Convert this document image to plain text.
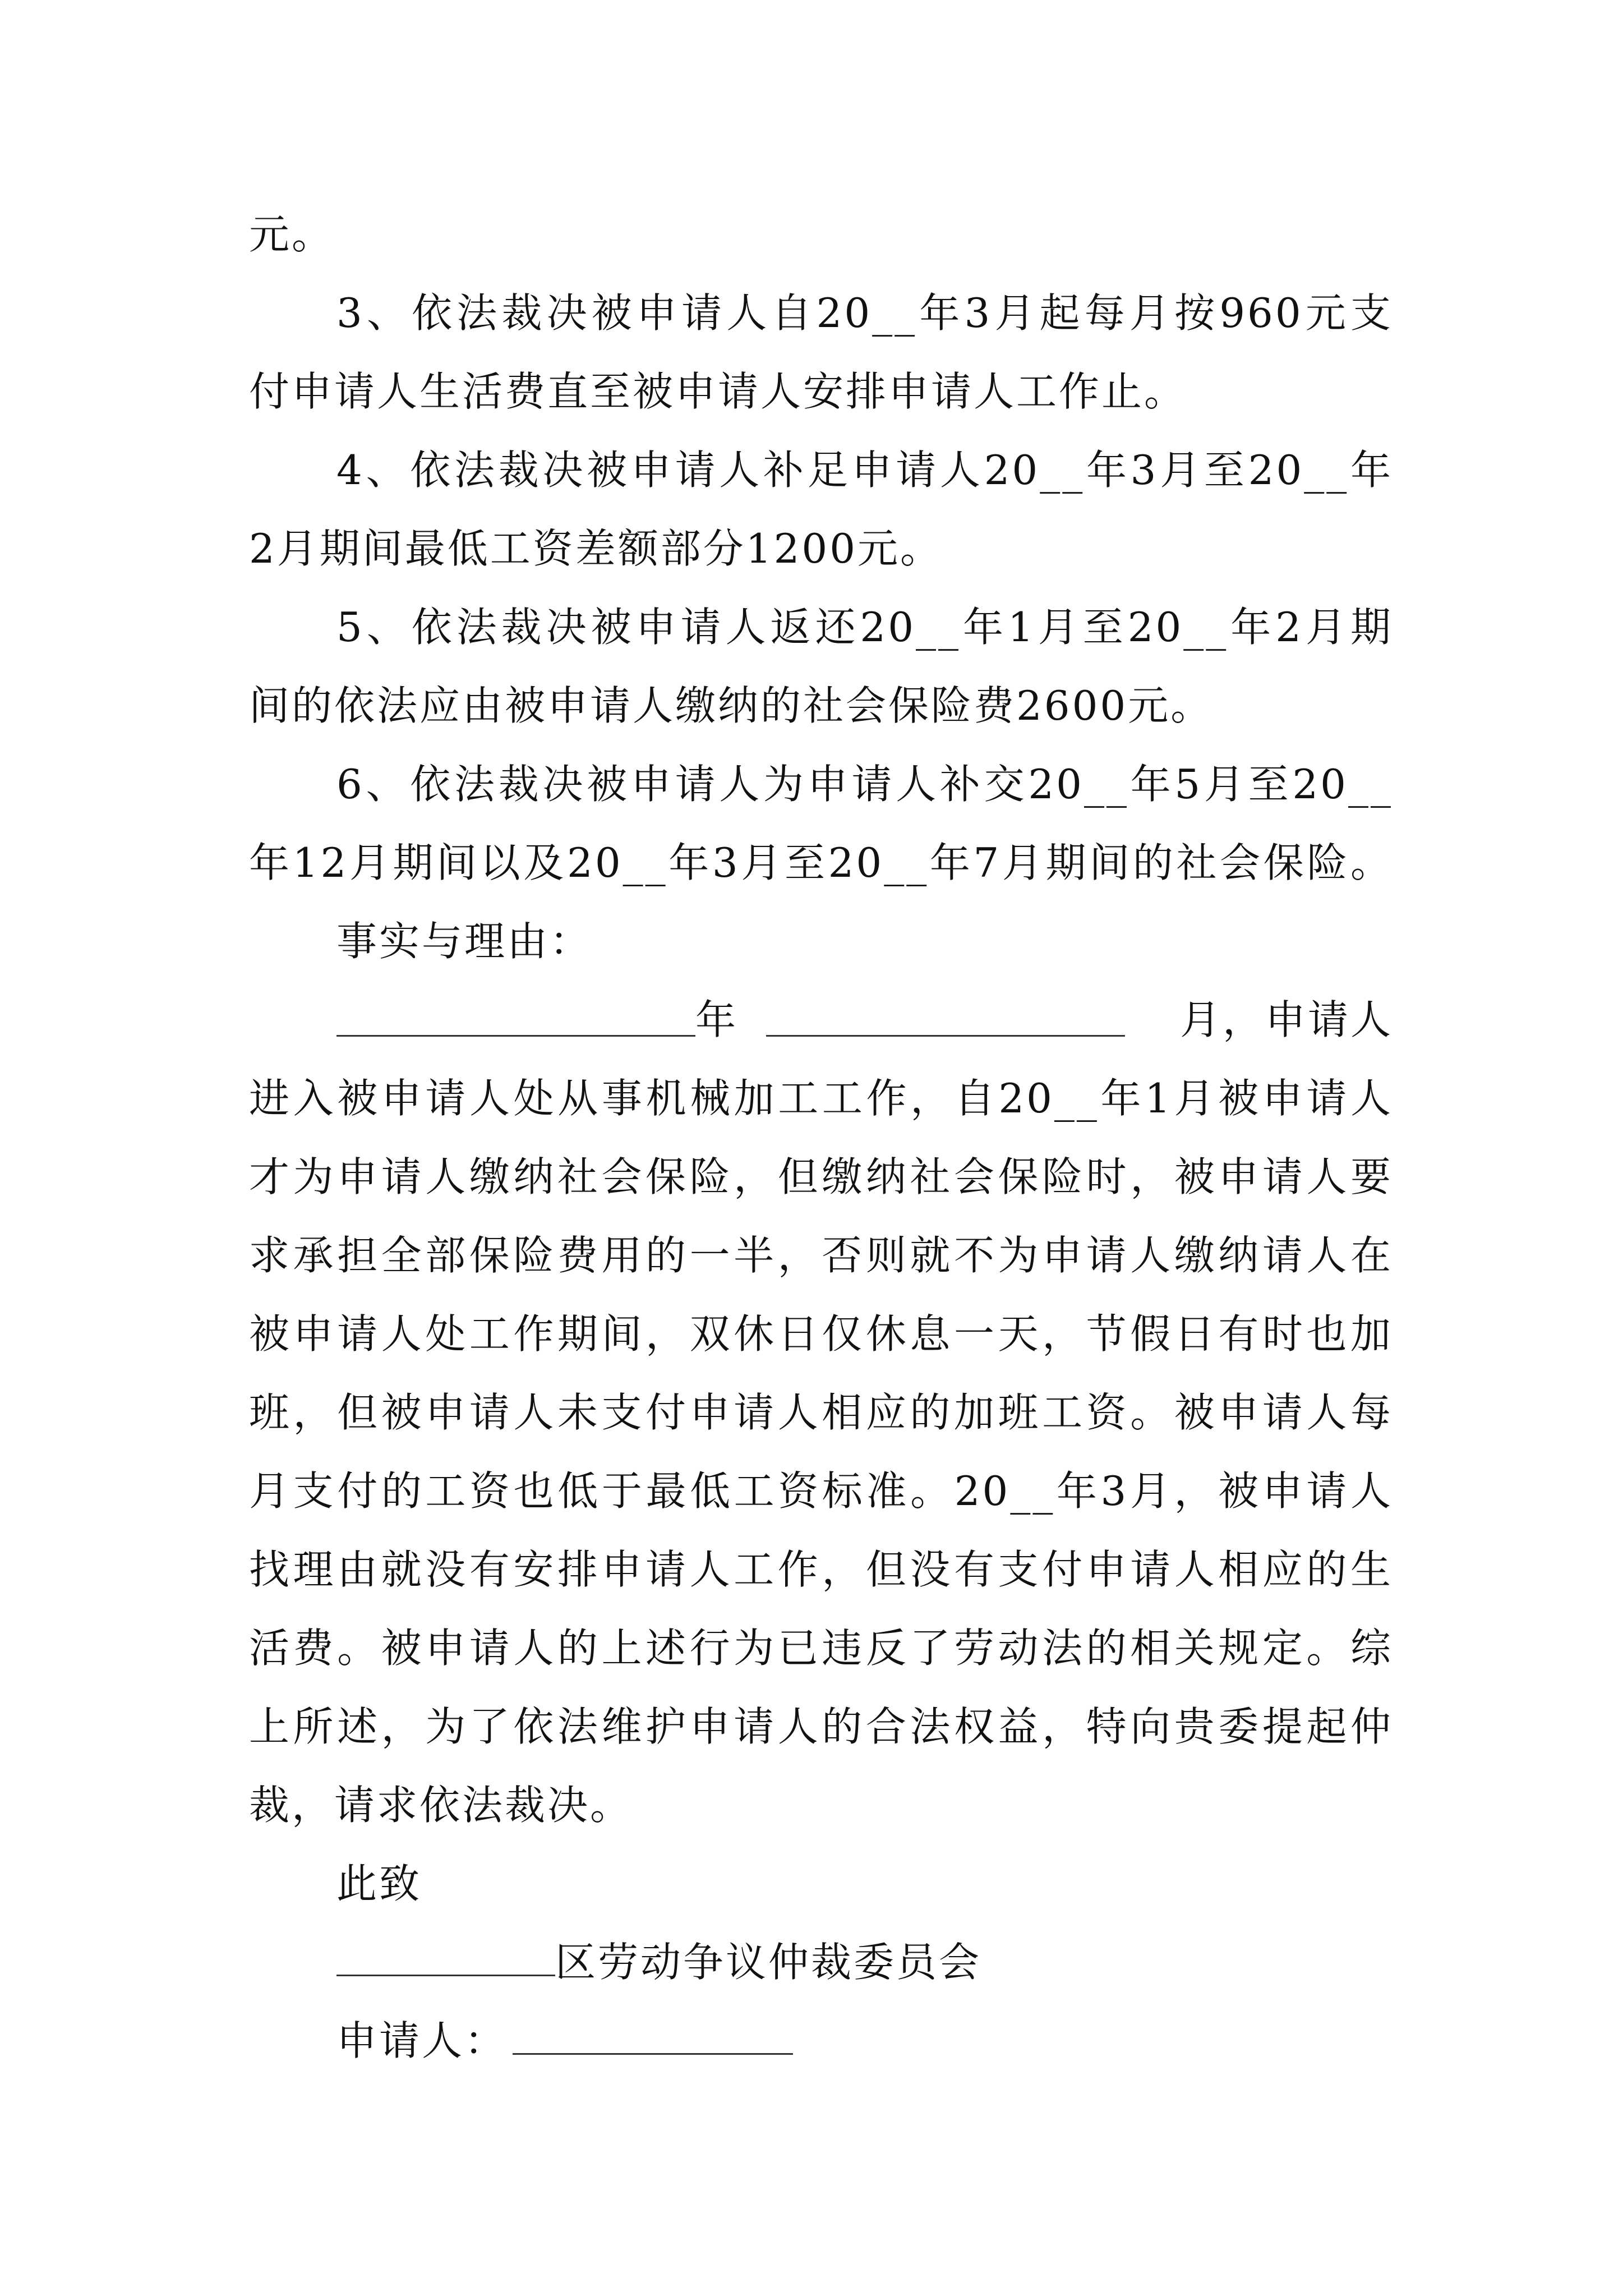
元。
3、依法裁决被申请人自20__年3月起每月按960元支
付申请人生活费直至被申请人安排申请人工作止。
4、依法裁决被申请人补足申请人20__年3月至20__年
2月期间最低工资差额部分1200元。
5、依法裁决被申请人返还20__年1月至20__年2月期
间的依法应由被申请人缴纳的社会保险费2600元。
6、依法裁决被申请人为申请人补交20__年5月至20__
年12月期间以及20__年3月至20__年7月期间的社会保险。
事实与理由：
年	月，申请人
进入被申请人处从事机械加工工作，自20__年1月被申请人
才为申请人缴纳社会保险，但缴纳社会保险时，被申请人要
求承担全部保险费用的一半，否则就不为申请人缴纳请人在
被申请人处工作期间，双休日仅休息一天，节假日有时也加
班，但被申请人未支付申请人相应的加班工资。被申请人每
月支付的工资也低于最低工资标准。20__年3月，被申请人
找理由就没有安排申请人工作，但没有支付申请人相应的生
活费。被申请人的上述行为已违反了劳动法的相关规定。综
上所述，为了依法维护申请人的合法权益，特向贵委提起仲
裁，请求依法裁决。
此致
区劳动争议仲裁委员会
申请人：
